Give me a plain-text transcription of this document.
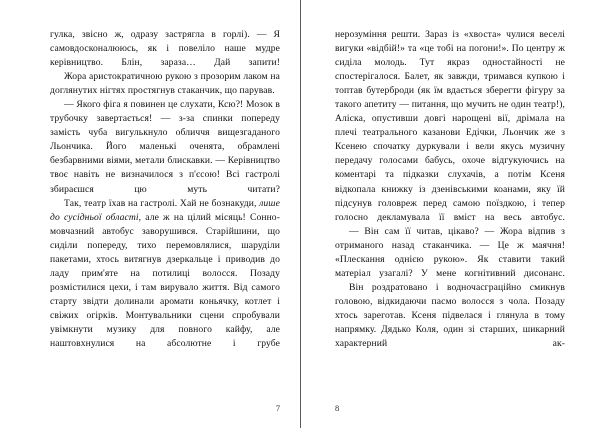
гулка, звісно ж, одразу застрягла в горлі). — Я самовдосконалююсь, як і повеліло наше мудре керівництво. Блін, зараза… Дай запити!

Жора аристократичною рукою з прозорим лаком на доглянутих нігтях простягнув стаканчик, що парував.

— Якого фіга я повинен це слухати, Ксю?! Мозок в трубочку завертається! — з-за спинки попереду замість чуба вигулькнуло обличчя вищезгаданого Льончика. Його маленькі оченята, обрамлені безбарвними віями, метали блискавки. — Керівництво твоє навіть не визначилося з п'єсою! Всі гастролі збираєшся цю муть читати?

Так, театр їхав на гастролі. Хай не бознакуди, лише до сусідньої області, але ж на цілий місяць! Сонно-мовчазний автобус заворушився. Старійшини, що сиділи попереду, тихо перемовлялися, шаруділи пакетами, хтось витягнув дзеркальце і приводив до ладу прим'яте на потилиці волосся. Позаду розмістилися цехи, і там вирувало життя. Від самого старту звідти долинали аромати коньячку, котлет і свіжих огірків. Монтувальники сцени спробували увімкнути музику для повного кайфу, але наштовхнулися на абсолютне і грубе

7

нерозуміння решти. Зараз із «хвоста» чулися веселі вигуки «відбій!» та «це тобі на погони!». По центру ж сиділа молодь. Тут якраз одностайності не спостерігалося. Балет, як завжди, тримався купкою і топтав бутерброди (як їм вдається зберегти фігуру за такого апетиту — питання, що мучить не один театр!), Аліска, опустивши довгі нарощені вії, дрімала на плечі театрального казанови Едічки, Льончик же з Ксенею спочатку дуркували і вели якусь музичну передачу голосами бабусь, охоче відгукуючись на коментарі та підказки слухачів, а потім Ксеня відкопала книжку із дзенівськими коанами, яку їй підсунув головреж перед самою поїздкою, і тепер голосно декламувала її вміст на весь автобус.

— Він сам її читав, цікаво? — Жора відпив з отриманого назад стаканчика. — Це ж маячня! «Плескання однією рукою». Як ставити такий матеріал узагалі? У мене когнітивний дисонанс.

Він роздратовано і водночасграційно смикнув головою, відкидаючи пасмо волосся з чола. Позаду хтось зареготав. Ксеня підвелася і глянула в тому напрямку. Дядько Коля, один зі старших, шикарний характерний ак-

8
